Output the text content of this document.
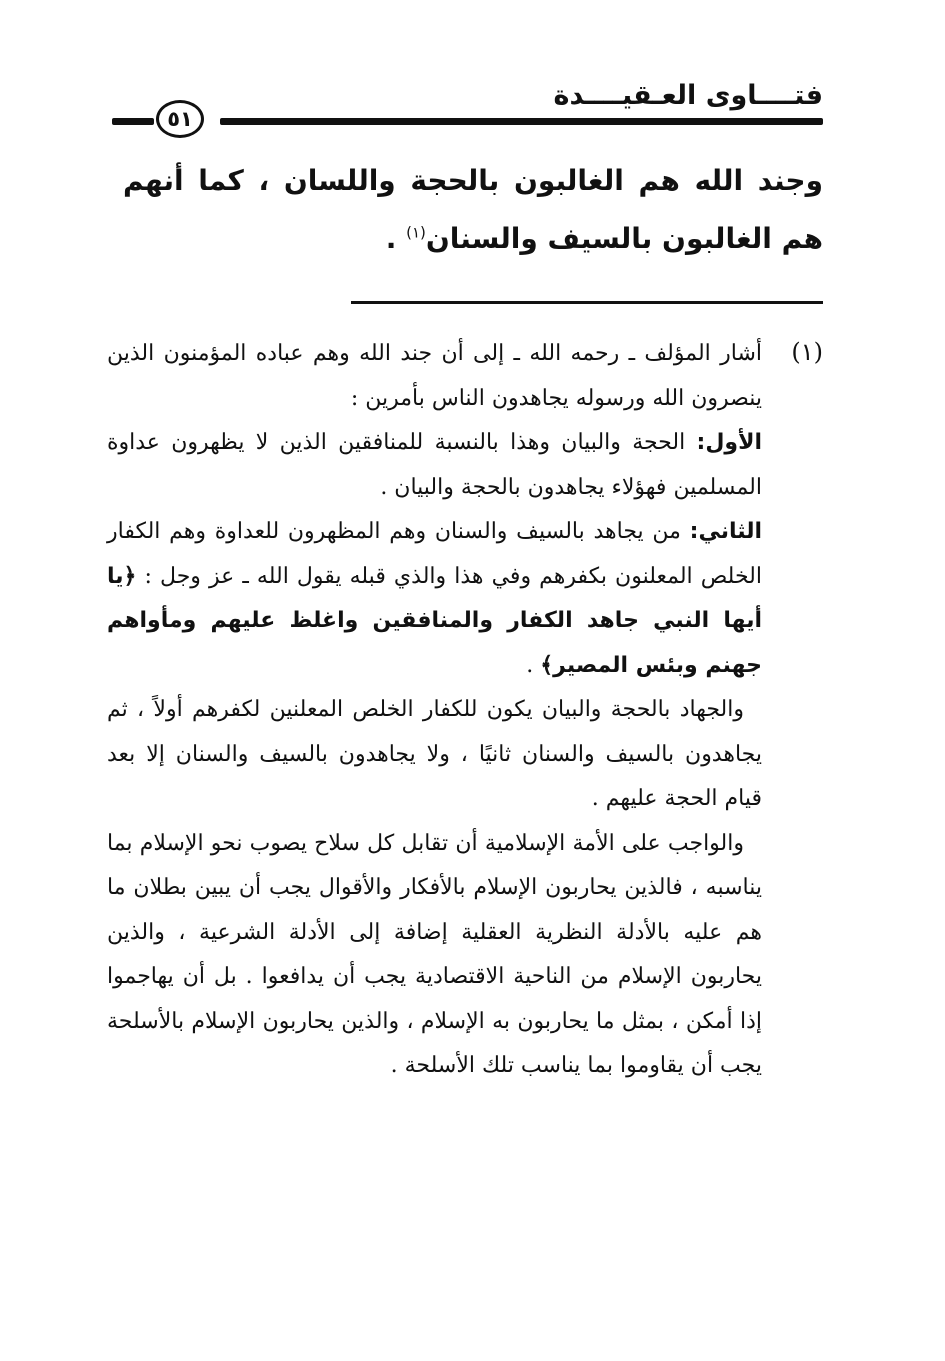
فتــــاوى العـقيــــدة
٥١
وجند الله هم الغالبون بالحجة واللسان ، كما أنهم هم الغالبون بالسيف والسنان$^{(١)}$ .
(١)

أشار المؤلف ـ رحمه الله ـ إلى أن جند الله وهم عباده المؤمنون الذين ينصرون الله ورسوله يجاهدون الناس بأمرين :

الأول: الحجة والبيان وهذا بالنسبة للمنافقين الذين لا يظهرون عداوة المسلمين فهؤلاء يجاهدون بالحجة والبيان .

الثاني: من يجاهد بالسيف والسنان وهم المظهرون للعداوة وهم الكفار الخلص المعلنون بكفرهم وفي هذا والذي قبله يقول الله ـ عز وجل : ﴿يا أيها النبي جاهد الكفار والمنافقين واغلظ عليهم ومأواهم جهنم وبئس المصير﴾ .

والجهاد بالحجة والبيان يكون للكفار الخلص المعلنين لكفرهم أولاً ، ثم يجاهدون بالسيف والسنان ثانيًا ، ولا يجاهدون بالسيف والسنان إلا بعد قيام الحجة عليهم .

والواجب على الأمة الإسلامية أن تقابل كل سلاح يصوب نحو الإسلام بما يناسبه ، فالذين يحاربون الإسلام بالأفكار والأقوال يجب أن يبين بطلان ما هم عليه بالأدلة النظرية العقلية إضافة إلى الأدلة الشرعية ، والذين يحاربون الإسلام من الناحية الاقتصادية يجب أن يدافعوا . بل أن يهاجموا إذا أمكن ، بمثل ما يحاربون به الإسلام ، والذين يحاربون الإسلام بالأسلحة يجب أن يقاوموا بما يناسب تلك الأسلحة .
